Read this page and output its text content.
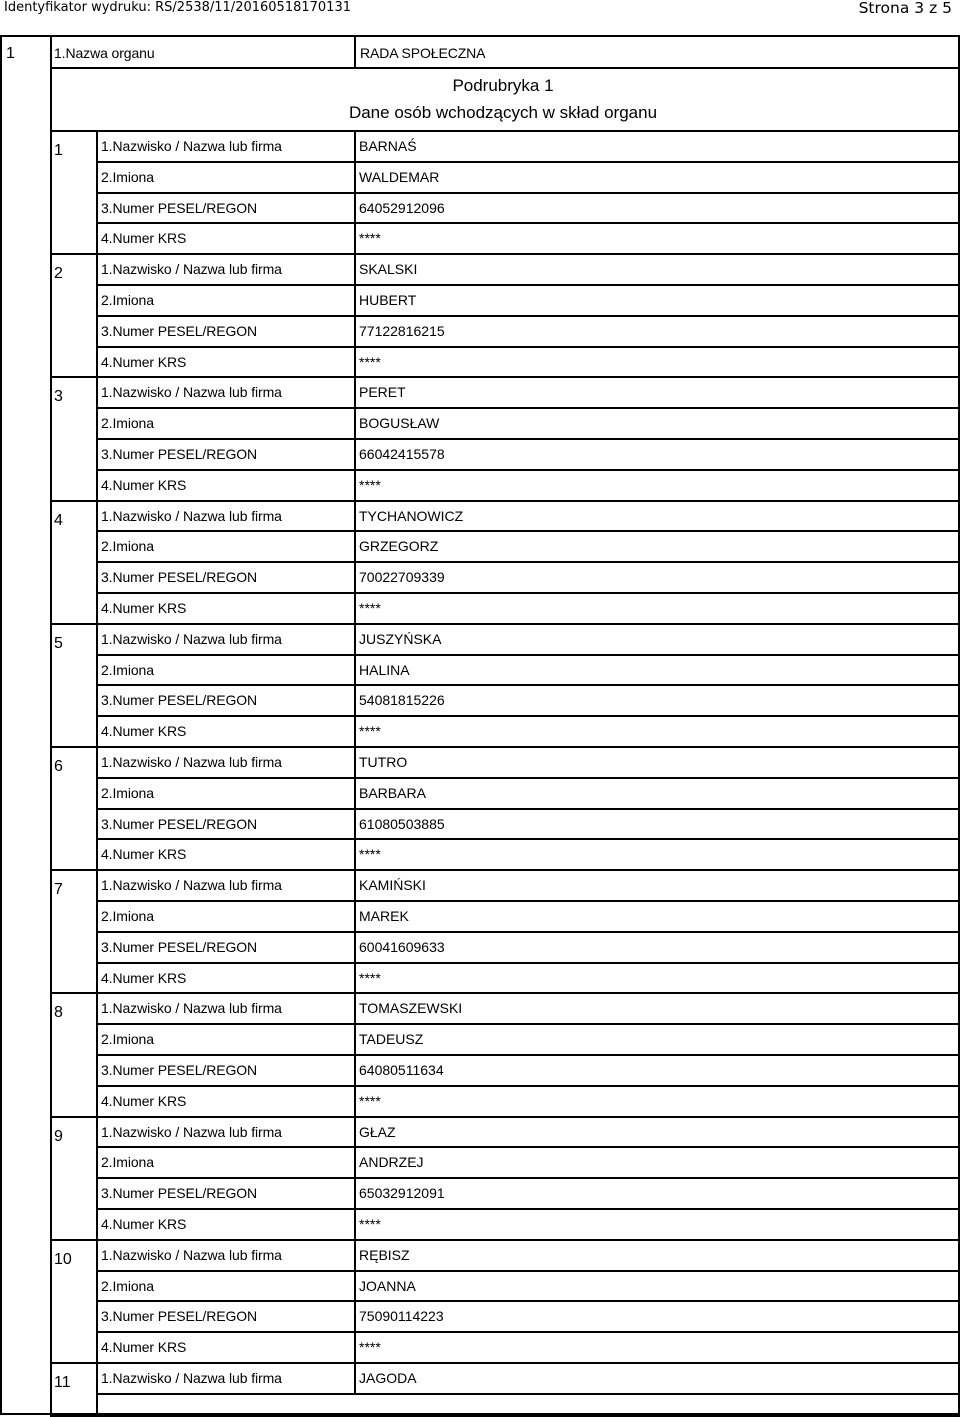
Identyfikator wydruku: RS/2538/11/20160518170131	Strona 3 z 5
1	1.Nazwa organu	RADA SPOŁECZNA
Podrubryka 1
Dane osób wchodzących w skład organu
1	1.Nazwisko / Nazwa lub firma	BARNAŚ
2.Imiona	WALDEMAR
3.Numer PESEL/REGON	64052912096
4.Numer KRS	****
2	1.Nazwisko / Nazwa lub firma	SKALSKI
2.Imiona	HUBERT
3.Numer PESEL/REGON	77122816215
4.Numer KRS	****
3	1.Nazwisko / Nazwa lub firma	PERET
2.Imiona	BOGUSŁAW
3.Numer PESEL/REGON	66042415578
4.Numer KRS	****
4	1.Nazwisko / Nazwa lub firma	TYCHANOWICZ
2.Imiona	GRZEGORZ
3.Numer PESEL/REGON	70022709339
4.Numer KRS	****
5	1.Nazwisko / Nazwa lub firma	JUSZYŃSKA
2.Imiona	HALINA
3.Numer PESEL/REGON	54081815226
4.Numer KRS	****
6	1.Nazwisko / Nazwa lub firma	TUTRO
2.Imiona	BARBARA
3.Numer PESEL/REGON	61080503885
4.Numer KRS	****
7	1.Nazwisko / Nazwa lub firma	KAMIŃSKI
2.Imiona	MAREK
3.Numer PESEL/REGON	60041609633
4.Numer KRS	****
8	1.Nazwisko / Nazwa lub firma	TOMASZEWSKI
2.Imiona	TADEUSZ
3.Numer PESEL/REGON	64080511634
4.Numer KRS	****
9	1.Nazwisko / Nazwa lub firma	GŁAZ
2.Imiona	ANDRZEJ
3.Numer PESEL/REGON	65032912091
4.Numer KRS	****
10 1.Nazwisko / Nazwa lub firma	RĘBISZ
2.Imiona	JOANNA
3.Numer PESEL/REGON	75090114223
4.Numer KRS	****
11 1.Nazwisko / Nazwa lub firma	JAGODA
